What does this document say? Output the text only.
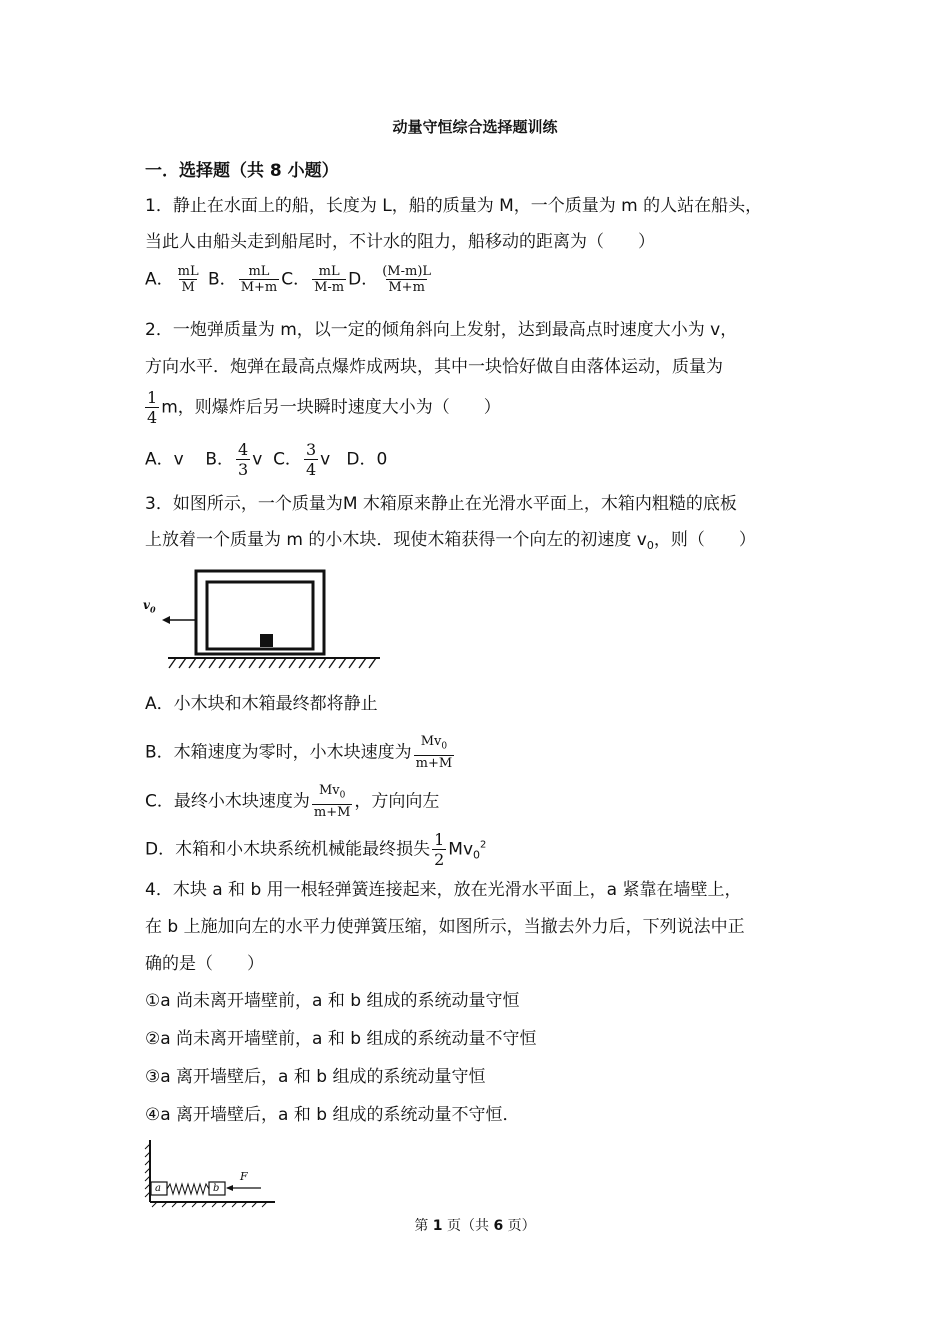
动量守恒综合选择题训练
一．选择题（共 8 小题）
1．静止在水面上的船，长度为 L，船的质量为 M，一个质量为 m 的人站在船头，
当此人由船头走到船尾时，不计水的阻力，船移动的距离为（　　）
A． $\frac{mL}{M}$ B． $\frac{mL}{M+m}$ C． $\frac{mL}{M-m}$ D． $\frac{(M-m)L}{M+m}$
2．一炮弹质量为 m，以一定的倾角斜向上发射，达到最高点时速度大小为 v，
方向水平．炮弹在最高点爆炸成两块，其中一块恰好做自由落体运动，质量为
$\frac{1}{4}$ m，则爆炸后另一块瞬时速度大小为（　　）
A．v B． $\frac{4}{3}$ v C． $\frac{3}{4}$ v D．0
3．如图所示，一个质量为M 木箱原来静止在光滑水平面上，木箱内粗糙的底板
上放着一个质量为 m 的小木块．现使木箱获得一个向左的初速度 $v_0$，则（　　）
$v_0$
A．小木块和木箱最终都将静止
B．木箱速度为零时，小木块速度为 $\frac{Mv_0}{m+M}$
C．最终小木块速度为 $\frac{Mv_0}{m+M}$ ，方向向左
D．木箱和小木块系统机械能最终损失 $\frac{1}{2} Mv_0^2$
4．木块 a 和 b 用一根轻弹簧连接起来，放在光滑水平面上，a 紧靠在墙壁上，
在 b 上施加向左的水平力使弹簧压缩，如图所示，当撤去外力后，下列说法中正
确的是（　　）
①a 尚未离开墙壁前，a 和 b 组成的系统动量守恒
②a 尚未离开墙壁前，a 和 b 组成的系统动量不守恒
③a 离开墙壁后，a 和 b 组成的系统动量守恒
④a 离开墙壁后，a 和 b 组成的系统动量不守恒．
a	b
F
第 1 页（共 6 页）
